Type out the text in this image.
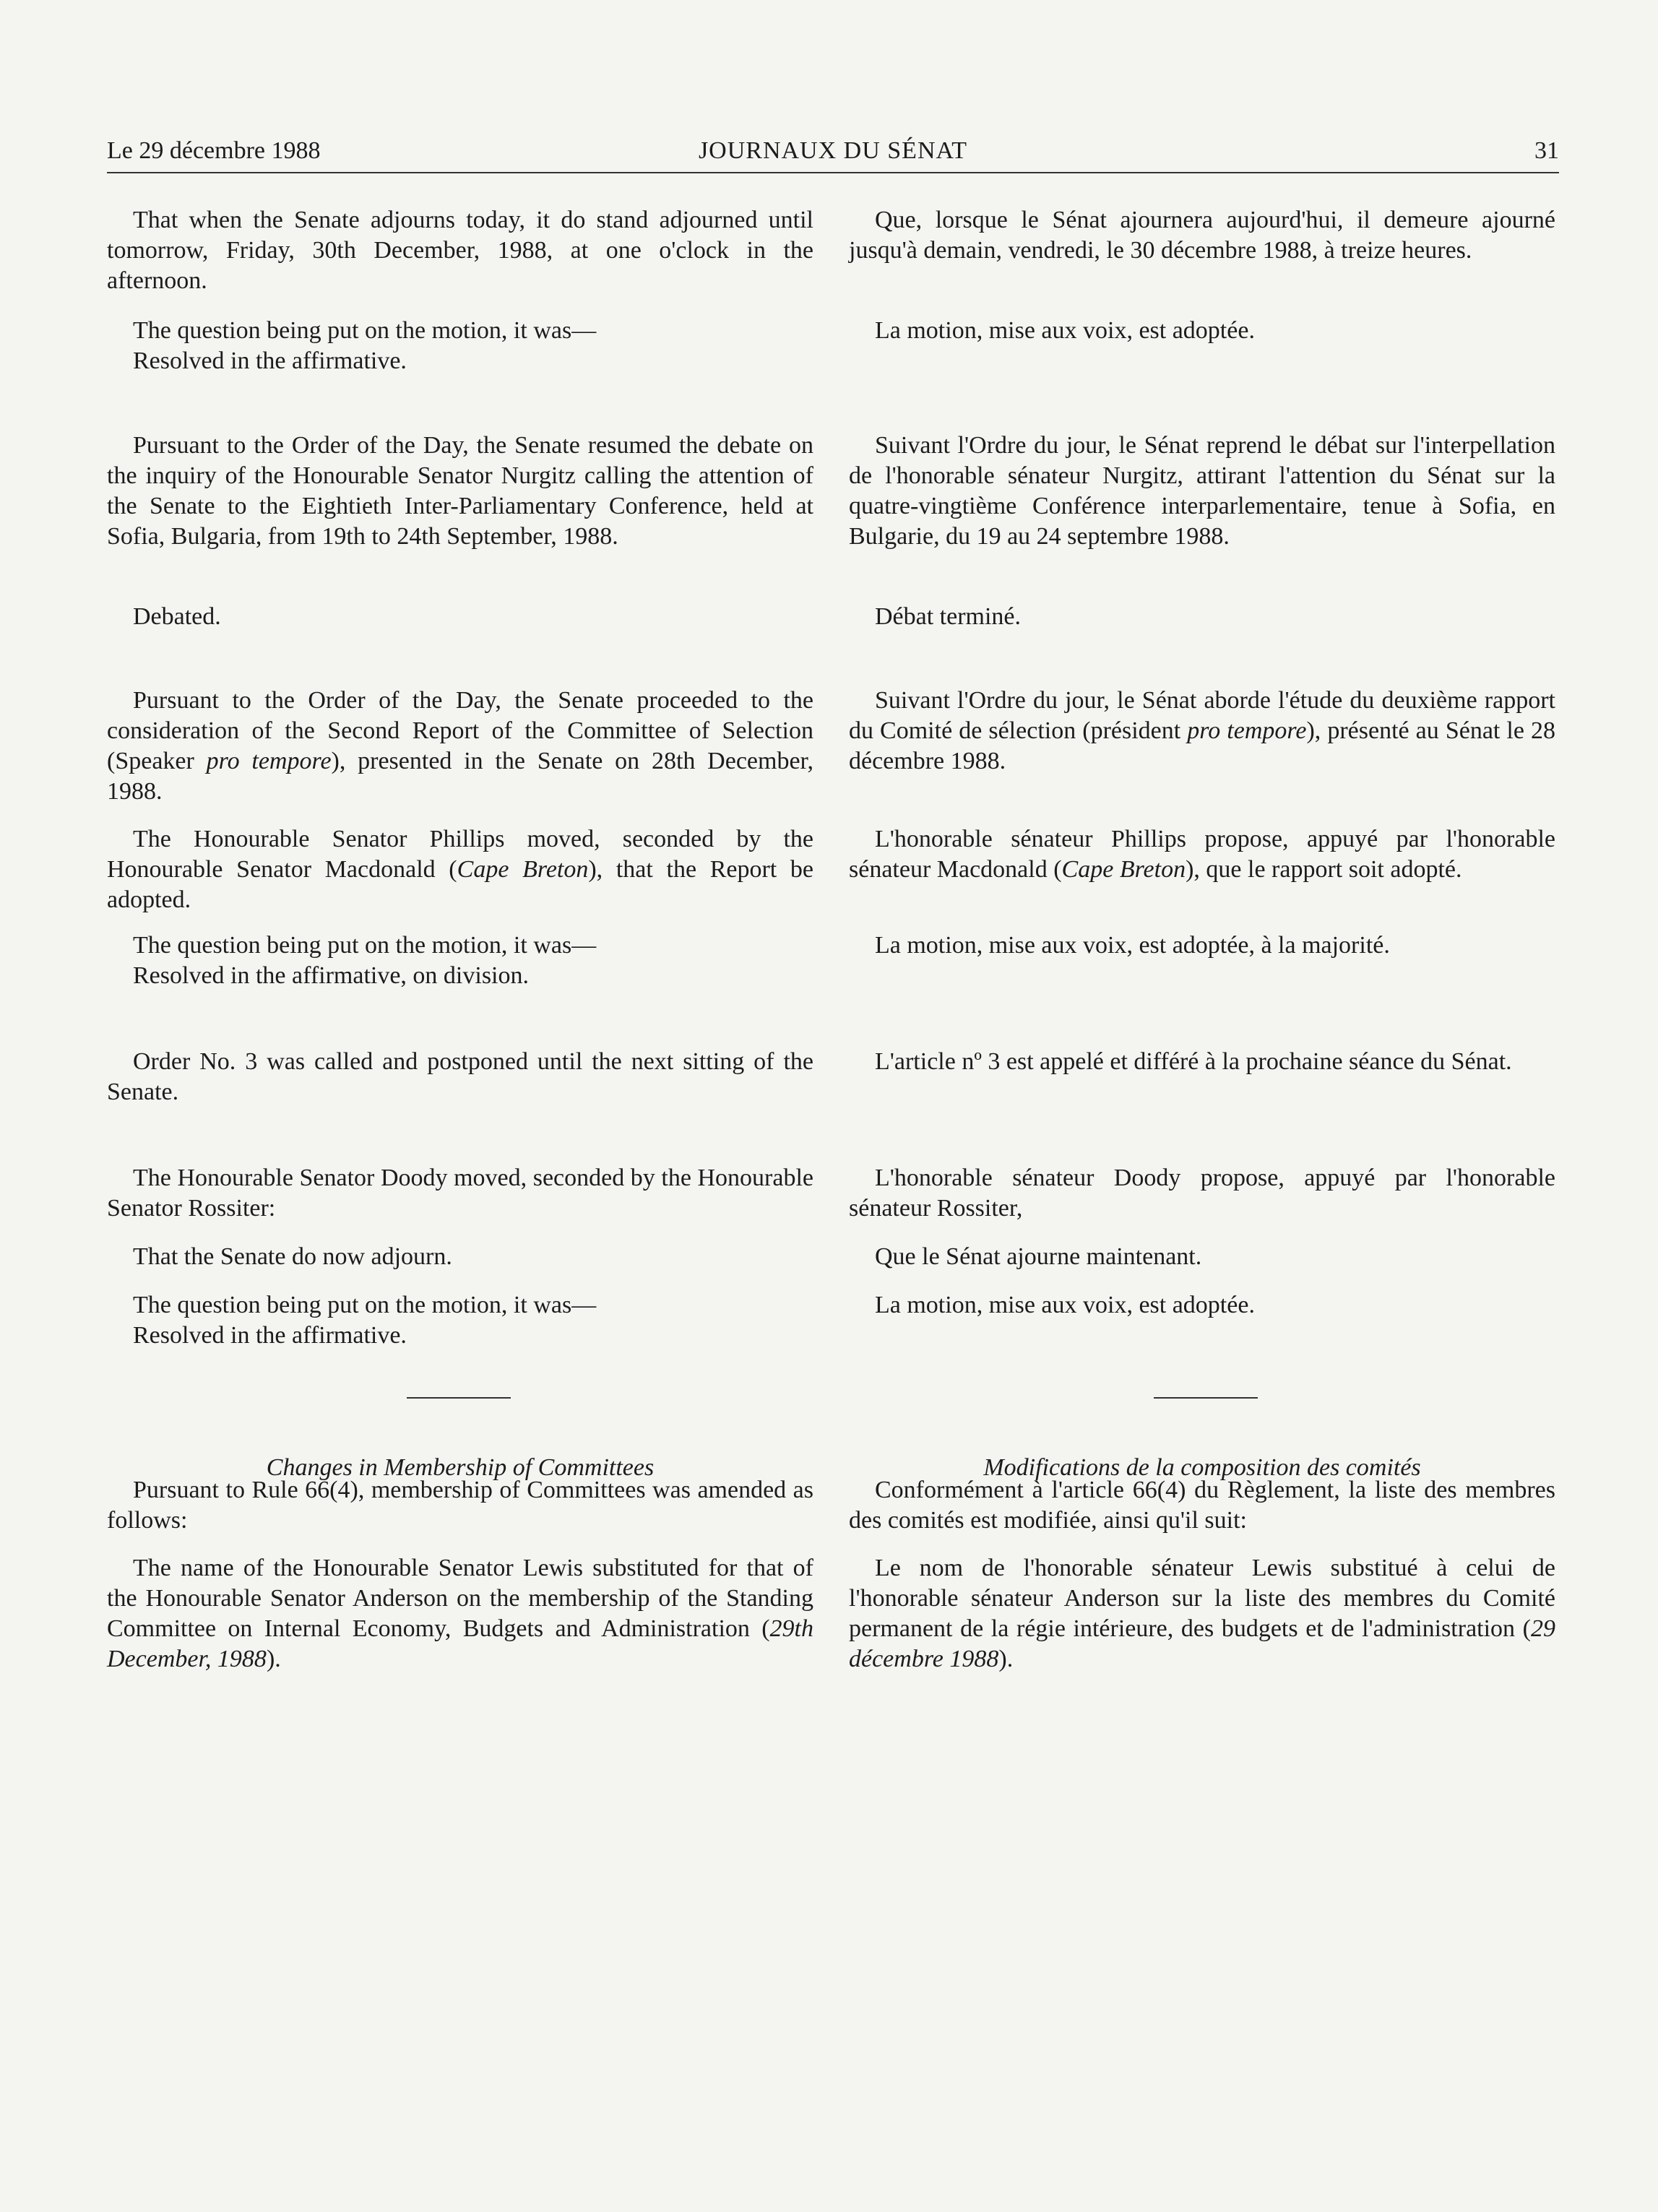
Le 29 décembre 1988	JOURNAUX DU SÉNAT	31

That when the Senate adjourns today, it do stand adjourned until tomorrow, Friday, 30th December, 1988, at one o'clock in the afternoon.

The question being put on the motion, it was—

Resolved in the affirmative.

Pursuant to the Order of the Day, the Senate resumed the debate on the inquiry of the Honourable Senator Nurgitz calling the attention of the Senate to the Eightieth Inter-Parliamentary Conference, held at Sofia, Bulgaria, from 19th to 24th September, 1988.

Debated.

Pursuant to the Order of the Day, the Senate proceeded to the consideration of the Second Report of the Committee of Selection (Speaker pro tempore), presented in the Senate on 28th December, 1988.

The Honourable Senator Phillips moved, seconded by the Honourable Senator Macdonald (Cape Breton), that the Report be adopted.

The question being put on the motion, it was—

Resolved in the affirmative, on division.

Order No. 3 was called and postponed until the next sitting of the Senate.

The Honourable Senator Doody moved, seconded by the Honourable Senator Rossiter:

That the Senate do now adjourn.

The question being put on the motion, it was—

Resolved in the affirmative.

Changes in Membership of Committees

Pursuant to Rule 66(4), membership of Committees was amended as follows:

The name of the Honourable Senator Lewis substituted for that of the Honourable Senator Anderson on the membership of the Standing Committee on Internal Economy, Budgets and Administration (29th December, 1988).

Que, lorsque le Sénat ajournera aujourd'hui, il demeure ajourné jusqu'à demain, vendredi, le 30 décembre 1988, à treize heures.

La motion, mise aux voix, est adoptée.

Suivant l'Ordre du jour, le Sénat reprend le débat sur l'interpellation de l'honorable sénateur Nurgitz, attirant l'attention du Sénat sur la quatre-vingtième Conférence interparlementaire, tenue à Sofia, en Bulgarie, du 19 au 24 septembre 1988.

Débat terminé.

Suivant l'Ordre du jour, le Sénat aborde l'étude du deuxième rapport du Comité de sélection (président pro tempore), présenté au Sénat le 28 décembre 1988.

L'honorable sénateur Phillips propose, appuyé par l'honorable sénateur Macdonald (Cape Breton), que le rapport soit adopté.

La motion, mise aux voix, est adoptée, à la majorité.

L'article nº 3 est appelé et différé à la prochaine séance du Sénat.

L'honorable sénateur Doody propose, appuyé par l'honorable sénateur Rossiter,

Que le Sénat ajourne maintenant.

La motion, mise aux voix, est adoptée.

Modifications de la composition des comités

Conformément à l'article 66(4) du Règlement, la liste des membres des comités est modifiée, ainsi qu'il suit:

Le nom de l'honorable sénateur Lewis substitué à celui de l'honorable sénateur Anderson sur la liste des membres du Comité permanent de la régie intérieure, des budgets et de l'administration (29 décembre 1988).
